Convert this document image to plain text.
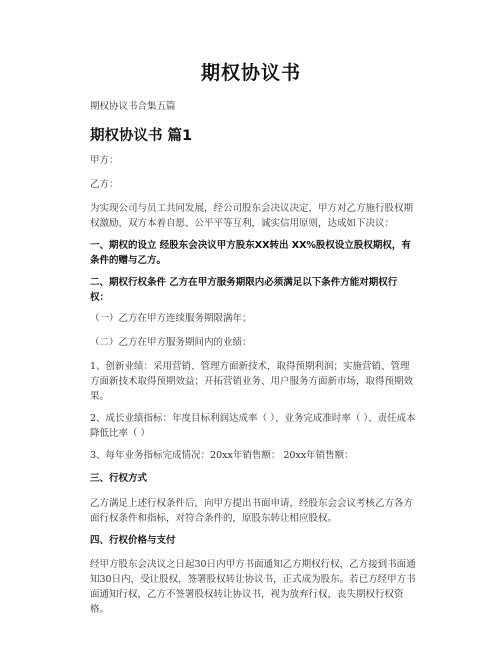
期权协议书
期权协议书合集五篇
期权协议书 篇1

甲方：

乙方：

为实现公司与员工共同发展，经公司股东会决议决定，甲方对乙方施行股权期权激励，双方本着自愿、公平平等互利，诚实信用原则，达成如下决议：

一、期权的设立 经股东会决议甲方股东XX转出 XX%股权设立股权期权，有条件的赠与乙方。

二、期权行权条件 乙方在甲方服务期限内必须满足以下条件方能对期权行权：

（一）乙方在甲方连续服务期限满年；

（二）乙方在甲方服务期间内的业绩：

1、创新业绩：采用营销、管理方面新技术，取得预期利润；实施营销、管理方面新技术取得预期效益；开拓营销业务、用户服务方面新市场，取得预期效果。

2、成长业绩指标：年度目标利润达成率（ ）、业务完成准时率（ ）、责任成本降低比率（ ）

3、每年业务指标完成情况：20xx年销售额： 20xx年销售额：

三、行权方式

乙方满足上述行权条件后，向甲方提出书面申请，经股东会会议考核乙方各方面行权条件和指标，对符合条件的，原股东转让相应股权。

四、行权价格与支付

经甲方股东会决议之日起30日内甲方书面通知乙方期权行权，乙方接到书面通知30日内，受让股权，签署股权转让协议书，正式成为股东。若已方经甲方书面通知行权，乙方不签署股权转让协议书，视为放弃行权，丧失期权行权资格。
